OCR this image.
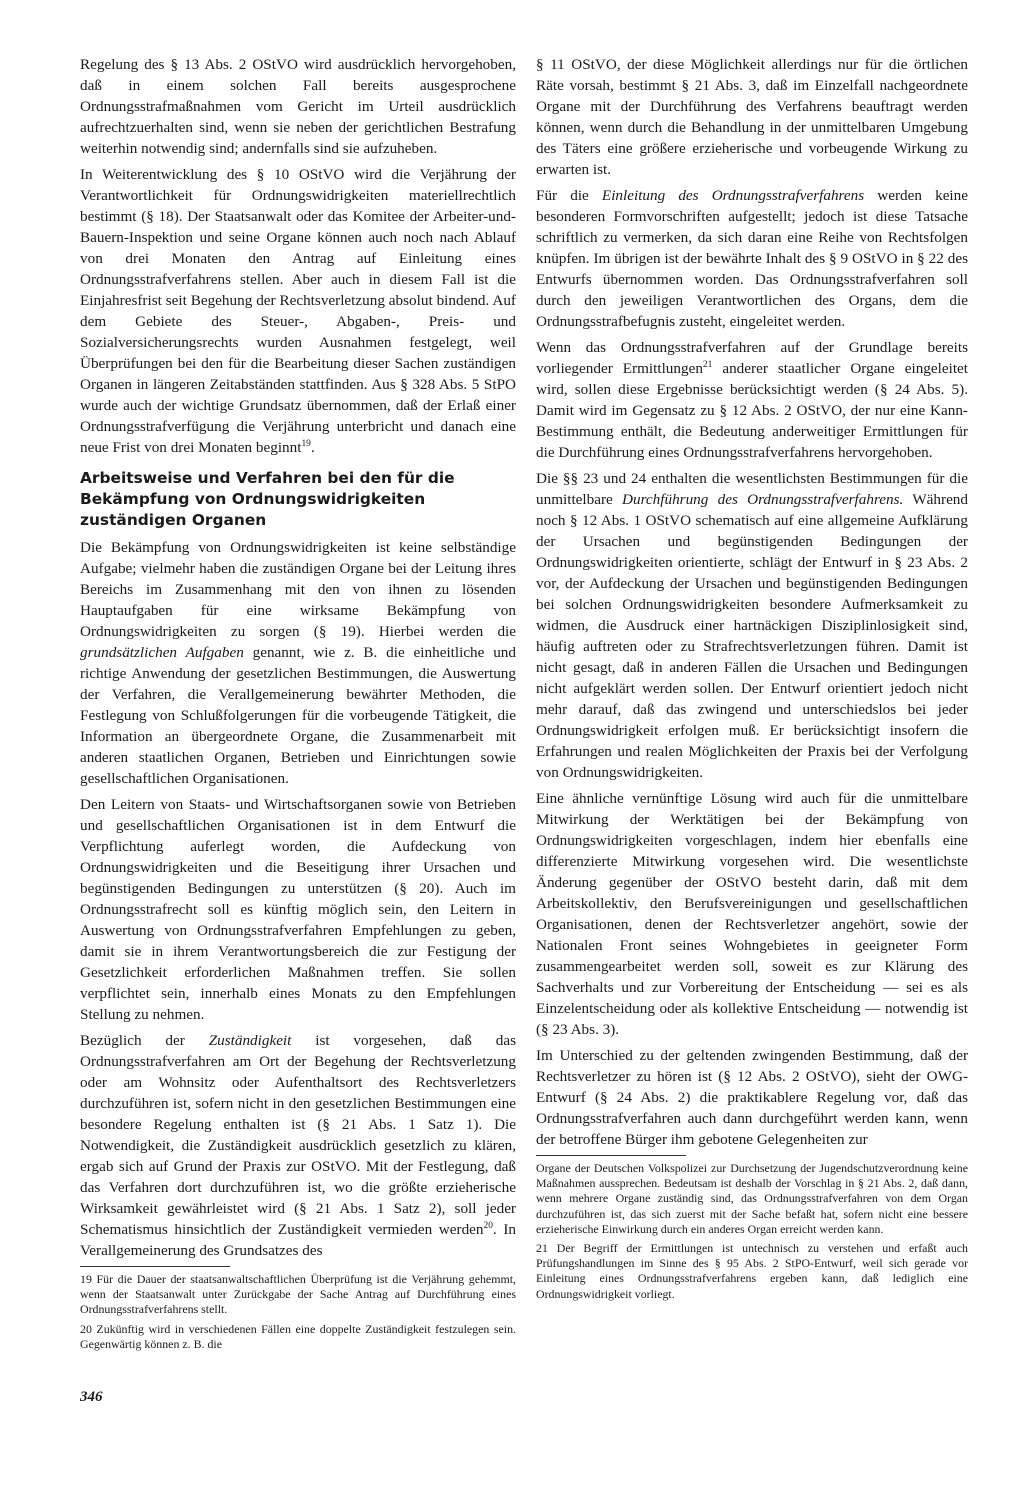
Regelung des § 13 Abs. 2 OStVO wird ausdrücklich hervorgehoben, daß in einem solchen Fall bereits ausgesprochene Ordnungsstrafmaßnahmen vom Gericht im Urteil ausdrücklich aufrechtzuerhalten sind, wenn sie neben der gerichtlichen Bestrafung weiterhin notwendig sind; andernfalls sind sie aufzuheben.

In Weiterentwicklung des § 10 OStVO wird die Verjährung der Verantwortlichkeit für Ordnungswidrigkeiten materiellrechtlich bestimmt (§ 18). Der Staatsanwalt oder das Komitee der Arbeiter-und-Bauern-Inspektion und seine Organe können auch noch nach Ablauf von drei Monaten den Antrag auf Einleitung eines Ordnungsstrafverfahrens stellen. Aber auch in diesem Fall ist die Einjahresfrist seit Begehung der Rechtsverletzung absolut bindend. Auf dem Gebiete des Steuer-, Abgaben-, Preis- und Sozialversicherungsrechts wurden Ausnahmen festgelegt, weil Überprüfungen bei den für die Bearbeitung dieser Sachen zuständigen Organen in längeren Zeitabständen stattfinden. Aus § 328 Abs. 5 StPO wurde auch der wichtige Grundsatz übernommen, daß der Erlaß einer Ordnungsstrafverfügung die Verjährung unterbricht und danach eine neue Frist von drei Monaten beginnt$^{19}$.

Arbeitsweise und Verfahren bei den für die Bekämpfung von Ordnungswidrigkeiten zuständigen Organen

Die Bekämpfung von Ordnungswidrigkeiten ist keine selbständige Aufgabe; vielmehr haben die zuständigen Organe bei der Leitung ihres Bereichs im Zusammenhang mit den von ihnen zu lösenden Hauptaufgaben für eine wirksame Bekämpfung von Ordnungswidrigkeiten zu sorgen (§ 19). Hierbei werden die grundsätzlichen Aufgaben genannt, wie z. B. die einheitliche und richtige Anwendung der gesetzlichen Bestimmungen, die Auswertung der Verfahren, die Verallgemeinerung bewährter Methoden, die Festlegung von Schlußfolgerungen für die vorbeugende Tätigkeit, die Information an übergeordnete Organe, die Zusammenarbeit mit anderen staatlichen Organen, Betrieben und Einrichtungen sowie gesellschaftlichen Organisationen.

Den Leitern von Staats- und Wirtschaftsorganen sowie von Betrieben und gesellschaftlichen Organisationen ist in dem Entwurf die Verpflichtung auferlegt worden, die Aufdeckung von Ordnungswidrigkeiten und die Beseitigung ihrer Ursachen und begünstigenden Bedingungen zu unterstützen (§ 20). Auch im Ordnungsstrafrecht soll es künftig möglich sein, den Leitern in Auswertung von Ordnungsstrafverfahren Empfehlungen zu geben, damit sie in ihrem Verantwortungsbereich die zur Festigung der Gesetzlichkeit erforderlichen Maßnahmen treffen. Sie sollen verpflichtet sein, innerhalb eines Monats zu den Empfehlungen Stellung zu nehmen.

Bezüglich der Zuständigkeit ist vorgesehen, daß das Ordnungsstrafverfahren am Ort der Begehung der Rechtsverletzung oder am Wohnsitz oder Aufenthaltsort des Rechtsverletzers durchzuführen ist, sofern nicht in den gesetzlichen Bestimmungen eine besondere Regelung enthalten ist (§ 21 Abs. 1 Satz 1). Die Notwendigkeit, die Zuständigkeit ausdrücklich gesetzlich zu klären, ergab sich auf Grund der Praxis zur OStVO. Mit der Festlegung, daß das Verfahren dort durchzuführen ist, wo die größte erzieherische Wirksamkeit gewährleistet wird (§ 21 Abs. 1 Satz 2), soll jeder Schematismus hinsichtlich der Zuständigkeit vermieden werden$^{20}$. In Verallgemeinerung des Grundsatzes des

19 Für die Dauer der staatsanwaltschaftlichen Überprüfung ist die Verjährung gehemmt, wenn der Staatsanwalt unter Zurückgabe der Sache Antrag auf Durchführung eines Ordnungsstrafverfahrens stellt.

20 Zukünftig wird in verschiedenen Fällen eine doppelte Zuständigkeit festzulegen sein. Gegenwärtig können z. B. die

§ 11 OStVO, der diese Möglichkeit allerdings nur für die örtlichen Räte vorsah, bestimmt § 21 Abs. 3, daß im Einzelfall nachgeordnete Organe mit der Durchführung des Verfahrens beauftragt werden können, wenn durch die Behandlung in der unmittelbaren Umgebung des Täters eine größere erzieherische und vorbeugende Wirkung zu erwarten ist.

Für die Einleitung des Ordnungsstrafverfahrens werden keine besonderen Formvorschriften aufgestellt; jedoch ist diese Tatsache schriftlich zu vermerken, da sich daran eine Reihe von Rechtsfolgen knüpfen. Im übrigen ist der bewährte Inhalt des § 9 OStVO in § 22 des Entwurfs übernommen worden. Das Ordnungsstrafverfahren soll durch den jeweiligen Verantwortlichen des Organs, dem die Ordnungsstrafbefugnis zusteht, eingeleitet werden.

Wenn das Ordnungsstrafverfahren auf der Grundlage bereits vorliegender Ermittlungen$^{21}$ anderer staatlicher Organe eingeleitet wird, sollen diese Ergebnisse berücksichtigt werden (§ 24 Abs. 5). Damit wird im Gegensatz zu § 12 Abs. 2 OStVO, der nur eine Kann-Bestimmung enthält, die Bedeutung anderweitiger Ermittlungen für die Durchführung eines Ordnungsstrafverfahrens hervorgehoben.

Die §§ 23 und 24 enthalten die wesentlichsten Bestimmungen für die unmittelbare Durchführung des Ordnungsstrafverfahrens. Während noch § 12 Abs. 1 OStVO schematisch auf eine allgemeine Aufklärung der Ursachen und begünstigenden Bedingungen der Ordnungswidrigkeiten orientierte, schlägt der Entwurf in § 23 Abs. 2 vor, der Aufdeckung der Ursachen und begünstigenden Bedingungen bei solchen Ordnungswidrigkeiten besondere Aufmerksamkeit zu widmen, die Ausdruck einer hartnäckigen Disziplinlosigkeit sind, häufig auftreten oder zu Strafrechtsverletzungen führen. Damit ist nicht gesagt, daß in anderen Fällen die Ursachen und Bedingungen nicht aufgeklärt werden sollen. Der Entwurf orientiert jedoch nicht mehr darauf, daß das zwingend und unterschiedslos bei jeder Ordnungswidrigkeit erfolgen muß. Er berücksichtigt insofern die Erfahrungen und realen Möglichkeiten der Praxis bei der Verfolgung von Ordnungswidrigkeiten.

Eine ähnliche vernünftige Lösung wird auch für die unmittelbare Mitwirkung der Werktätigen bei der Bekämpfung von Ordnungswidrigkeiten vorgeschlagen, indem hier ebenfalls eine differenzierte Mitwirkung vorgesehen wird. Die wesentlichste Änderung gegenüber der OStVO besteht darin, daß mit dem Arbeitskollektiv, den Berufsvereinigungen und gesellschaftlichen Organisationen, denen der Rechtsverletzer angehört, sowie der Nationalen Front seines Wohngebietes in geeigneter Form zusammengearbeitet werden soll, soweit es zur Klärung des Sachverhalts und zur Vorbereitung der Entscheidung — sei es als Einzelentscheidung oder als kollektive Entscheidung — notwendig ist (§ 23 Abs. 3).

Im Unterschied zu der geltenden zwingenden Bestimmung, daß der Rechtsverletzer zu hören ist (§ 12 Abs. 2 OStVO), sieht der OWG-Entwurf (§ 24 Abs. 2) die praktikablere Regelung vor, daß das Ordnungsstrafverfahren auch dann durchgeführt werden kann, wenn der betroffene Bürger ihm gebotene Gelegenheiten zur

Organe der Deutschen Volkspolizei zur Durchsetzung der Jugendschutzverordnung keine Maßnahmen aussprechen. Bedeutsam ist deshalb der Vorschlag in § 21 Abs. 2, daß dann, wenn mehrere Organe zuständig sind, das Ordnungsstrafverfahren von dem Organ durchzuführen ist, das sich zuerst mit der Sache befaßt hat, sofern nicht eine bessere erzieherische Einwirkung durch ein anderes Organ erreicht werden kann.

21 Der Begriff der Ermittlungen ist untechnisch zu verstehen und erfaßt auch Prüfungshandlungen im Sinne des § 95 Abs. 2 StPO-Entwurf, weil sich gerade vor Einleitung eines Ordnungsstrafverfahrens ergeben kann, daß lediglich eine Ordnungswidrigkeit vorliegt.

346
